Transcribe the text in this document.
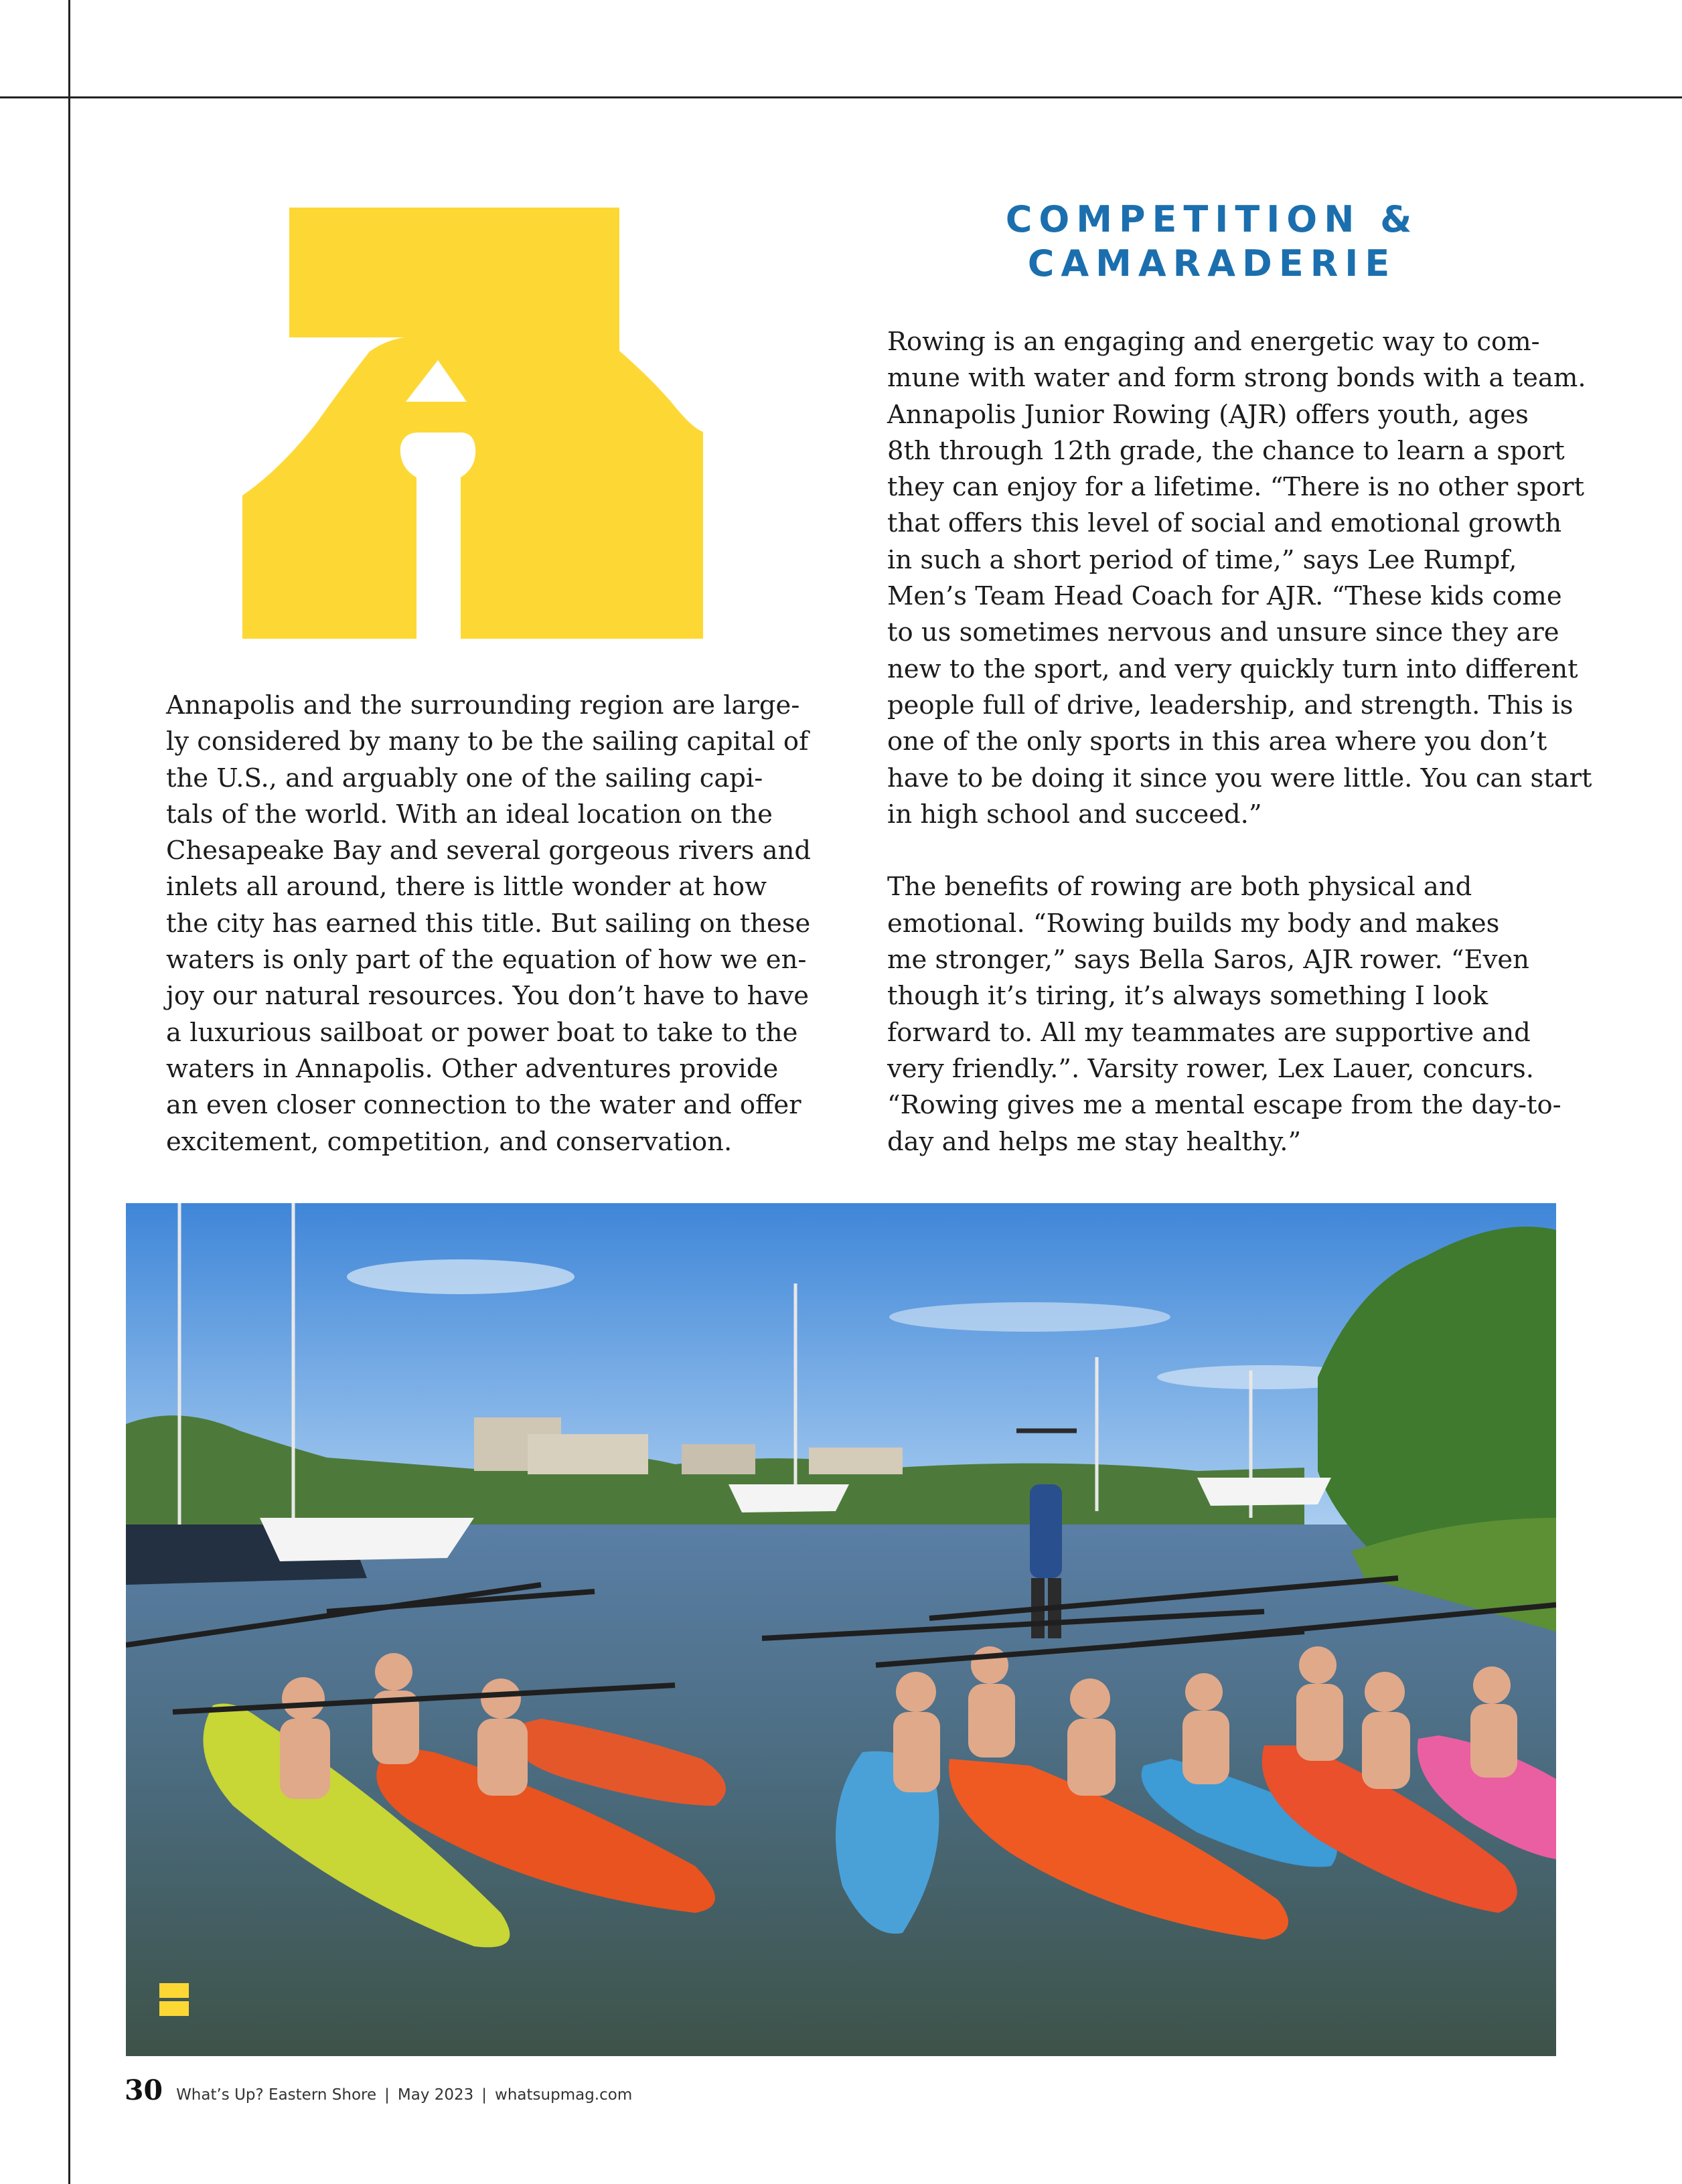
COMPETITION &
CAMARADERIE
Annapolis and the surrounding region are large-
ly considered by many to be the sailing capital of
the U.S., and arguably one of the sailing capi-
tals of the world. With an ideal location on the
Chesapeake Bay and several gorgeous rivers and
inlets all around, there is little wonder at how
the city has earned this title. But sailing on these
waters is only part of the equation of how we en-
joy our natural resources. You don’t have to have
a luxurious sailboat or power boat to take to the
waters in Annapolis. Other adventures provide
an even closer connection to the water and offer
excitement, competition, and conservation.
Rowing is an engaging and energetic way to com-
mune with water and form strong bonds with a team.
Annapolis Junior Rowing (AJR) offers youth, ages
8th through 12th grade, the chance to learn a sport
they can enjoy for a lifetime. “There is no other sport
that offers this level of social and emotional growth
in such a short period of time,” says Lee Rumpf,
Men’s Team Head Coach for AJR. “These kids come
to us sometimes nervous and unsure since they are
new to the sport, and very quickly turn into different
people full of drive, leadership, and strength. This is
one of the only sports in this area where you don’t
have to be doing it since you were little. You can start
in high school and succeed.”
The benefits of rowing are both physical and
emotional. “Rowing builds my body and makes
me stronger,” says Bella Saros, AJR rower. “Even
though it’s tiring, it’s always something I look
forward to. All my teammates are supportive and
very friendly.”. Varsity rower, Lex Lauer, concurs.
“Rowing gives me a mental escape from the day-to-
day and helps me stay healthy.”
30 What’s Up? Eastern Shore | May 2023 | whatsupmag.com
